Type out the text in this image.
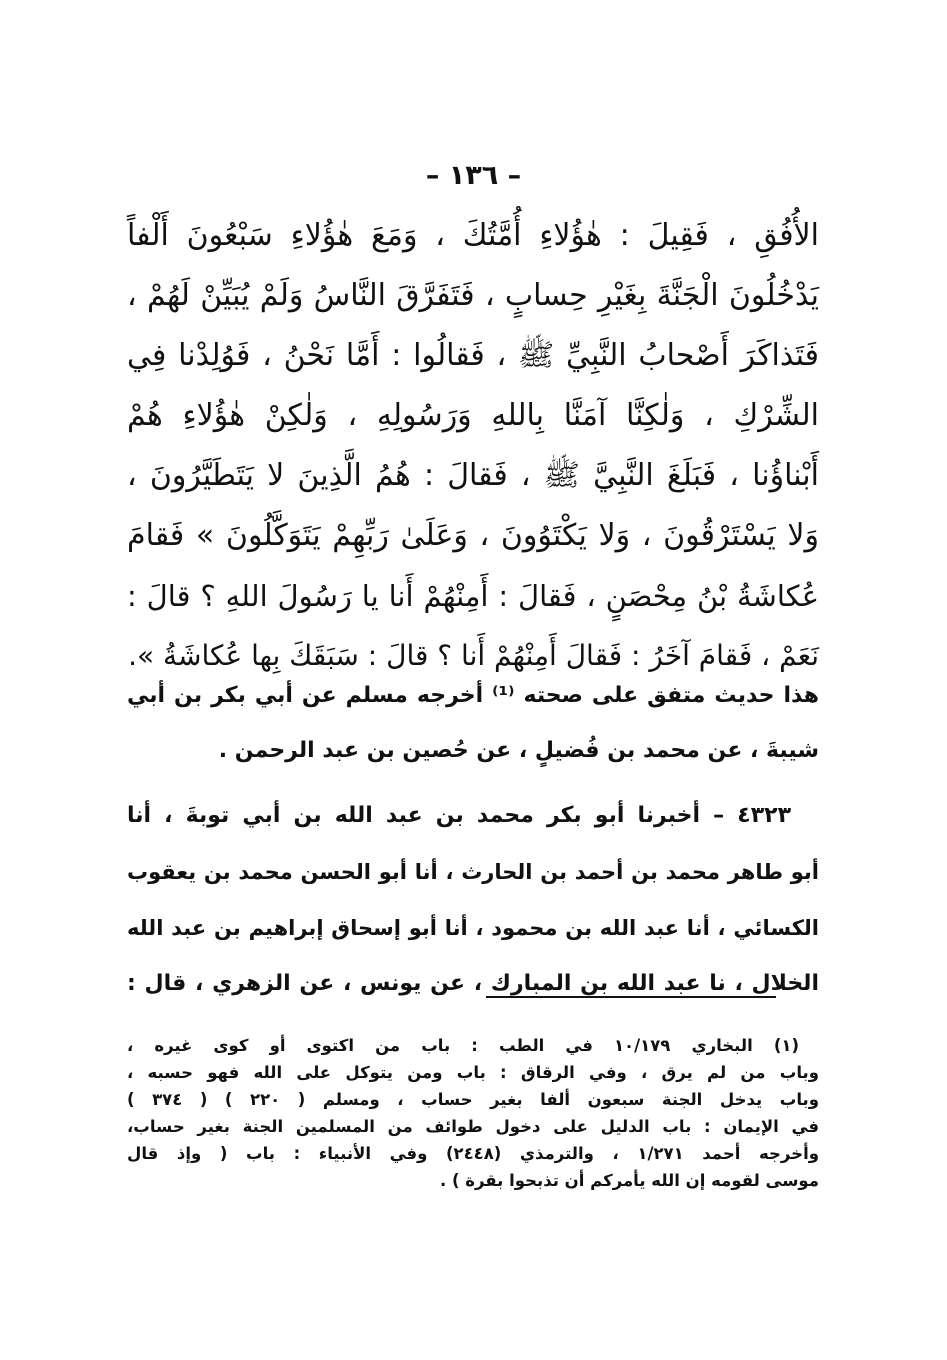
– ١٣٦ –
الأُفُقِ ، فَقِيلَ : هٰؤُلاءِ أُمَّتُكَ ، وَمَعَ هٰؤُلاءِ سَبْعُونَ أَلْفاً
يَدْخُلُونَ الْجَنَّةَ بِغَيْرِ حِسابٍ ، فَتَفَرَّقَ النَّاسُ وَلَمْ يُبَيِّنْ لَهُمْ ،
فَتَذاكَرَ أَصْحابُ النَّبِيِّ ﷺ ، فَقالُوا : أَمَّا نَحْنُ ، فَوُلِدْنا فِي
الشِّرْكِ ، وَلٰكِنَّا آمَنَّا بِاللهِ وَرَسُولِهِ ، وَلٰكِنْ هٰؤُلاءِ هُمْ
أَبْناؤُنا ، فَبَلَغَ النَّبِيَّ ﷺ ، فَقالَ : هُمُ الَّذِينَ لا يَتَطَيَّرُونَ ،
وَلا يَسْتَرْقُونَ ، وَلا يَكْتَوُونَ ، وَعَلَىٰ رَبِّهِمْ يَتَوَكَّلُونَ » فَقامَ
عُكاشَةُ بْنُ مِحْصَنٍ ، فَقالَ : أَمِنْهُمْ أَنا يا رَسُولَ اللهِ ؟ قالَ :
نَعَمْ ، فَقامَ آخَرُ : فَقالَ أَمِنْهُمْ أَنا ؟ قالَ : سَبَقَكَ بِها عُكاشَةُ ».
هذا حديث متفق على صحته ⁽¹⁾ أخرجه مسلم عن أبي بكر بن أبي
شيبةَ ، عن محمد بن فُضيلٍ ، عن حُصين بن عبد الرحمن .
٤٣٢٣ – أخبرنا أبو بكر محمد بن عبد الله بن أبي توبةَ ، أنا
أبو طاهر محمد بن أحمد بن الحارث ، أنا أبو الحسن محمد بن يعقوب
الكسائي ، أنا عبد الله بن محمود ، أنا أبو إسحاق إبراهيم بن عبد الله
الخلال ، نا عبد الله بن المبارك ، عن يونس ، عن الزهري ، قال :
(١) البخاري ١٠/١٧٩ في الطب : باب من اكتوى أو كوى غيره ،
وباب من لم يرق ، وفي الرقاق : باب ومن يتوكل على الله فهو حسبه ،
وباب يدخل الجنة سبعون ألفا بغير حساب ، ومسلم ( ٢٢٠ ) ( ٣٧٤ )
في الإيمان : باب الدليل على دخول طوائف من المسلمين الجنة بغير حساب،
وأخرجه أحمد ١/٢٧١ ، والترمذي (٢٤٤٨) وفي الأنبياء : باب ( وإذ قال
موسى لقومه إن الله يأمركم أن تذبحوا بقرة ) .
